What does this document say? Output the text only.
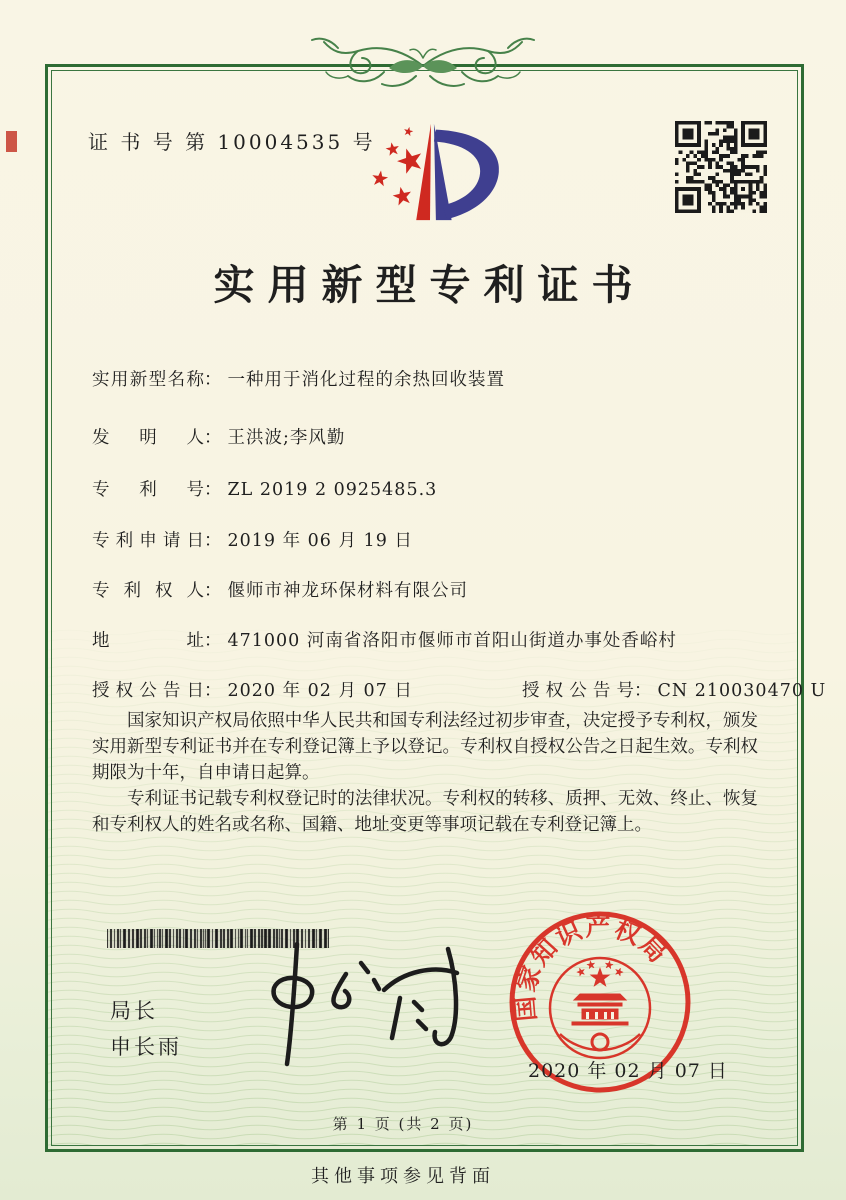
证 书 号 第 10004535 号
实用新型专利证书
实用新型名称： 一种用于消化过程的余热回收装置
发明人： 王洪波;李风勤
专利号： ZL 2019 2 0925485.3
专利申请日： 2019 年 06 月 19 日
专利权人： 偃师市神龙环保材料有限公司
地址： 471000 河南省洛阳市偃师市首阳山街道办事处香峪村
授权公告日： 2020 年 02 月 07 日	授权公告号： CN 210030470 U

国家知识产权局依照中华人民共和国专利法经过初步审查，决定授予专利权，颁发实用新型专利证书并在专利登记簿上予以登记。专利权自授权公告之日起生效。专利权期限为十年，自申请日起算。

专利证书记载专利权登记时的法律状况。专利权的转移、质押、无效、终止、恢复和专利权人的姓名或名称、国籍、地址变更等事项记载在专利登记簿上。

局长
申长雨
国家知识产权局
2020 年 02 月 07 日
第 1 页 (共 2 页)
其他事项参见背面
